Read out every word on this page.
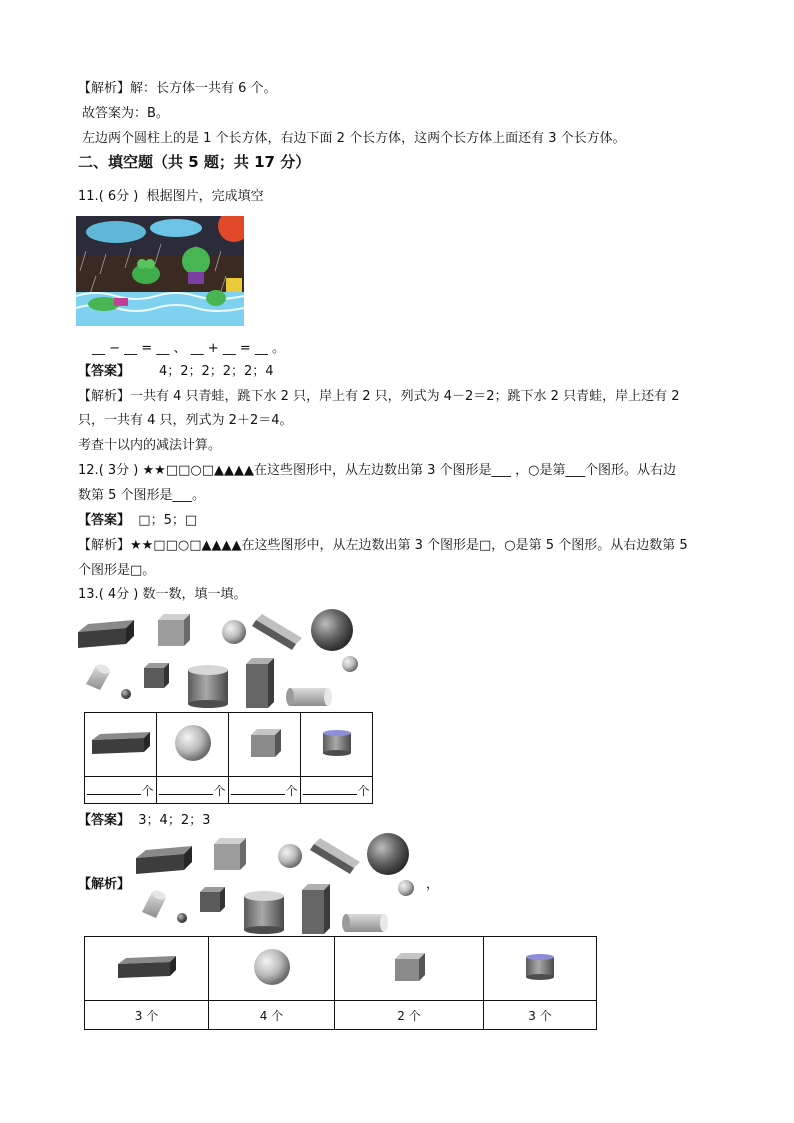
【解析】解：长方体一共有 6 个。
故答案为：B。
左边两个圆柱上的是 1 个长方体，右边下面 2 个长方体，这两个长方体上面还有 3 个长方体。
二、填空题（共 5 题；共 17 分）
11.( 6分 ) 根据图片，完成填空
__ − __ = __ 、 __ + __ = __ 。
【答案】 4；2；2；2；2；4
【解析】一共有 4 只青蛙，跳下水 2 只，岸上有 2 只，列式为 4－2＝2；跳下水 2 只青蛙，岸上还有 2
只，一共有 4 只，列式为 2＋2＝4。
考查十以内的减法计算。
12.( 3分 ) ★★□□○□▲▲▲▲在这些图形中，从左边数出第 3 个图形是___ ，○是第___个图形。从右边
数第 5 个图形是___。
【答案】 □；5；□
【解析】★★□□○□▲▲▲▲在这些图形中，从左边数出第 3 个图形是□，○是第 5 个图形。从右边数第 5
个图形是□。
13.( 4分 ) 数一数，填一填。

个	个	个	个
【答案】 3；4；2；3
【解析】	，

3 个	4 个	2 个	3 个
